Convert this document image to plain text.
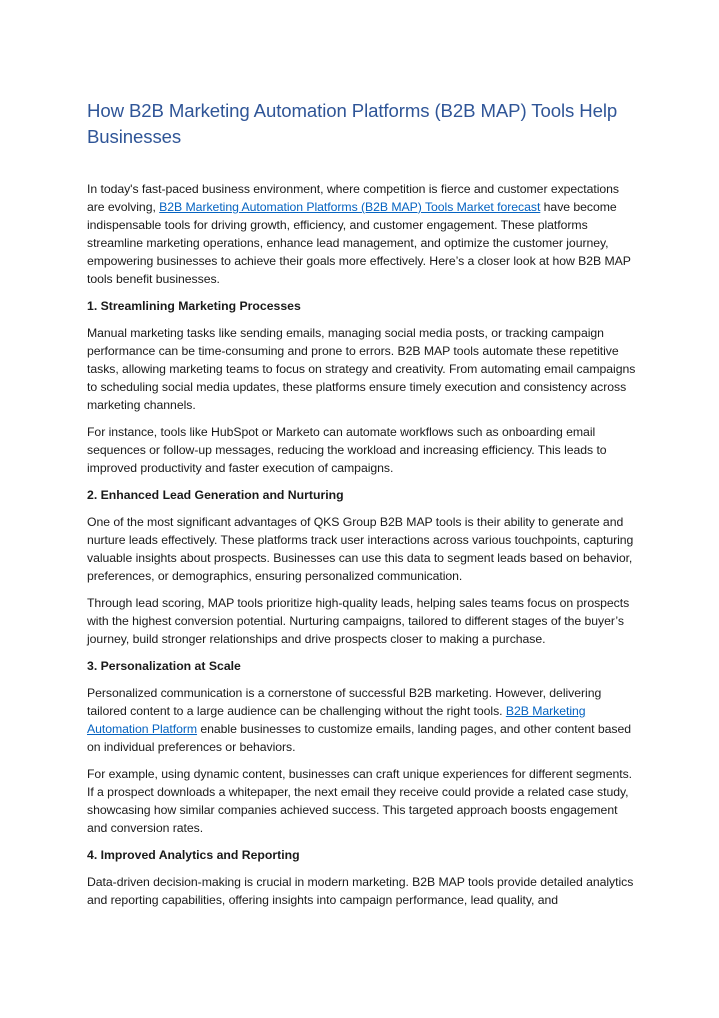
How B2B Marketing Automation Platforms (B2B MAP) Tools Help Businesses

In today's fast-paced business environment, where competition is fierce and customer expectations are evolving, B2B Marketing Automation Platforms (B2B MAP) Tools Market forecast have become indispensable tools for driving growth, efficiency, and customer engagement. These platforms streamline marketing operations, enhance lead management, and optimize the customer journey, empowering businesses to achieve their goals more effectively. Here’s a closer look at how B2B MAP tools benefit businesses.

1. Streamlining Marketing Processes

Manual marketing tasks like sending emails, managing social media posts, or tracking campaign performance can be time-consuming and prone to errors. B2B MAP tools automate these repetitive tasks, allowing marketing teams to focus on strategy and creativity. From automating email campaigns to scheduling social media updates, these platforms ensure timely execution and consistency across marketing channels.

For instance, tools like HubSpot or Marketo can automate workflows such as onboarding email sequences or follow-up messages, reducing the workload and increasing efficiency. This leads to improved productivity and faster execution of campaigns.

2. Enhanced Lead Generation and Nurturing

One of the most significant advantages of QKS Group B2B MAP tools is their ability to generate and nurture leads effectively. These platforms track user interactions across various touchpoints, capturing valuable insights about prospects. Businesses can use this data to segment leads based on behavior, preferences, or demographics, ensuring personalized communication.

Through lead scoring, MAP tools prioritize high-quality leads, helping sales teams focus on prospects with the highest conversion potential. Nurturing campaigns, tailored to different stages of the buyer’s journey, build stronger relationships and drive prospects closer to making a purchase.

3. Personalization at Scale

Personalized communication is a cornerstone of successful B2B marketing. However, delivering tailored content to a large audience can be challenging without the right tools. B2B Marketing Automation Platform enable businesses to customize emails, landing pages, and other content based on individual preferences or behaviors.

For example, using dynamic content, businesses can craft unique experiences for different segments. If a prospect downloads a whitepaper, the next email they receive could provide a related case study, showcasing how similar companies achieved success. This targeted approach boosts engagement and conversion rates.

4. Improved Analytics and Reporting

Data-driven decision-making is crucial in modern marketing. B2B MAP tools provide detailed analytics and reporting capabilities, offering insights into campaign performance, lead quality, and
